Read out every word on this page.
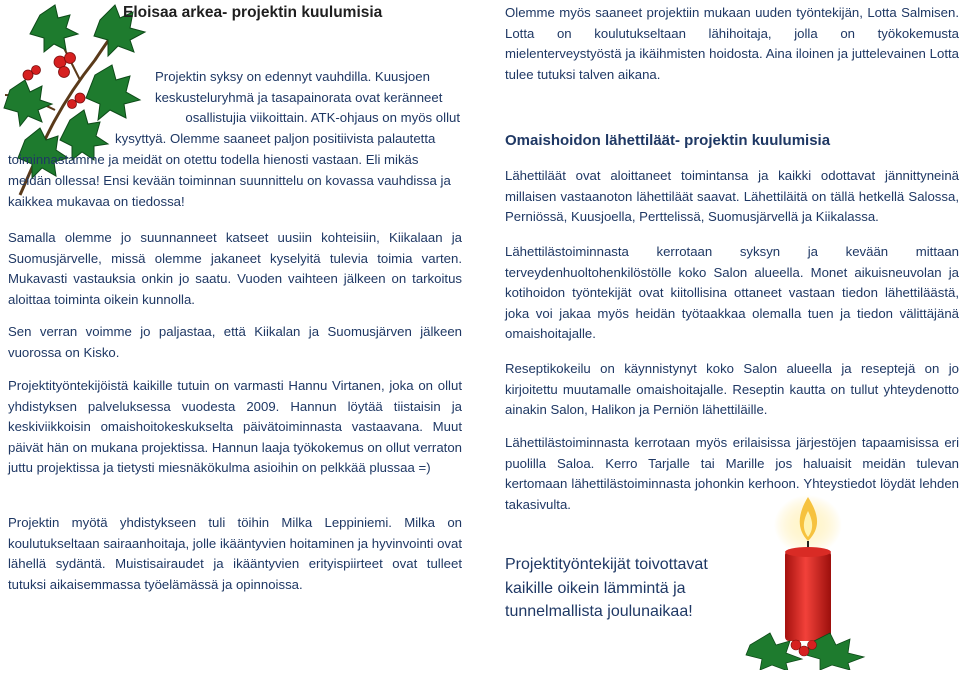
Eloisaa arkea- projektin kuulumisia

Projektin syksy on edennyt vauhdilla. Kuusjoen

keskusteluryhmä ja tasapainorata ovat keränneet

osallistujia viikoittain. ATK-ohjaus on myös ollut

kysyttyä. Olemme saaneet paljon positiivista palautetta

toiminnastamme ja meidät on otettu todella hienosti vastaan. Eli mikäs

meidän ollessa! Ensi kevään toiminnan suunnittelu on kovassa vauhdissa ja

kaikkea mukavaa on tiedossa!

Samalla olemme jo suunnanneet katseet uusiin kohteisiin, Kiikalaan ja Suomusjärvelle, missä olemme jakaneet kyselyitä tulevia toimia varten. Mukavasti vastauksia onkin jo saatu. Vuoden vaihteen jälkeen on tarkoitus aloittaa toiminta oikein kunnolla.

Sen verran voimme jo paljastaa, että Kiikalan ja Suomusjärven jälkeen vuorossa on Kisko.

Projektityöntekijöistä kaikille tutuin on varmasti Hannu Virtanen, joka on ollut yhdistyksen palveluksessa vuodesta 2009. Hannun löytää tiistaisin ja keskiviikkoisin omaishoitokeskukselta päivätoiminnasta vastaavana. Muut päivät hän on mukana projektissa. Hannun laaja työkokemus on ollut verraton juttu projektissa ja tietysti miesnäkökulma asioihin on pelkkää plussaa =)

Projektin myötä yhdistykseen tuli töihin Milka Leppiniemi. Milka on koulutukseltaan sairaanhoitaja, jolle ikääntyvien hoitaminen ja hyvinvointi ovat lähellä sydäntä. Muistisairaudet ja ikääntyvien erityispiirteet ovat tulleet tutuksi aikaisemmassa työelämässä ja opinnoissa.

Olemme myös saaneet projektiin mukaan uuden työntekijän, Lotta Salmisen. Lotta on koulutukseltaan lähihoitaja, jolla on työkokemusta mielenterveystyöstä ja ikäihmisten hoidosta. Aina iloinen ja juttelevainen Lotta tulee tutuksi talven aikana.

Omaishoidon lähettiläät- projektin kuulumisia

Lähettiläät ovat aloittaneet toimintansa ja kaikki odottavat jännittyneinä millaisen vastaanoton lähettiläät saavat. Lähettiläitä on tällä hetkellä Salossa, Perniössä, Kuusjoella, Perttelissä, Suomusjärvellä ja Kiikalassa.

Lähettilästoiminnasta kerrotaan syksyn ja kevään mittaan terveydenhuoltohenkilöstölle koko Salon alueella. Monet aikuisneuvolan ja kotihoidon työntekijät ovat kiitollisina ottaneet vastaan tiedon lähettiläästä, joka voi jakaa myös heidän työtaakkaa olemalla tuen ja tiedon välittäjänä omaishoitajalle.

Reseptikokeilu on käynnistynyt koko Salon alueella ja reseptejä on jo kirjoitettu muutamalle omaishoitajalle. Reseptin kautta on tullut yhteydenotto ainakin Salon, Halikon ja Perniön lähettiläille.

Lähettilästoiminnasta kerrotaan myös erilaisissa järjestöjen tapaamisissa eri puolilla Saloa. Kerro Tarjalle tai Marille jos haluaisit meidän tulevan kertomaan lähettilästoiminnasta johonkin kerhoon. Yhteystiedot löydät lehden takasivulta.

Projektityöntekijät toivottavat
kaikille oikein lämmintä ja
tunnelmallista joulunaikaa!
